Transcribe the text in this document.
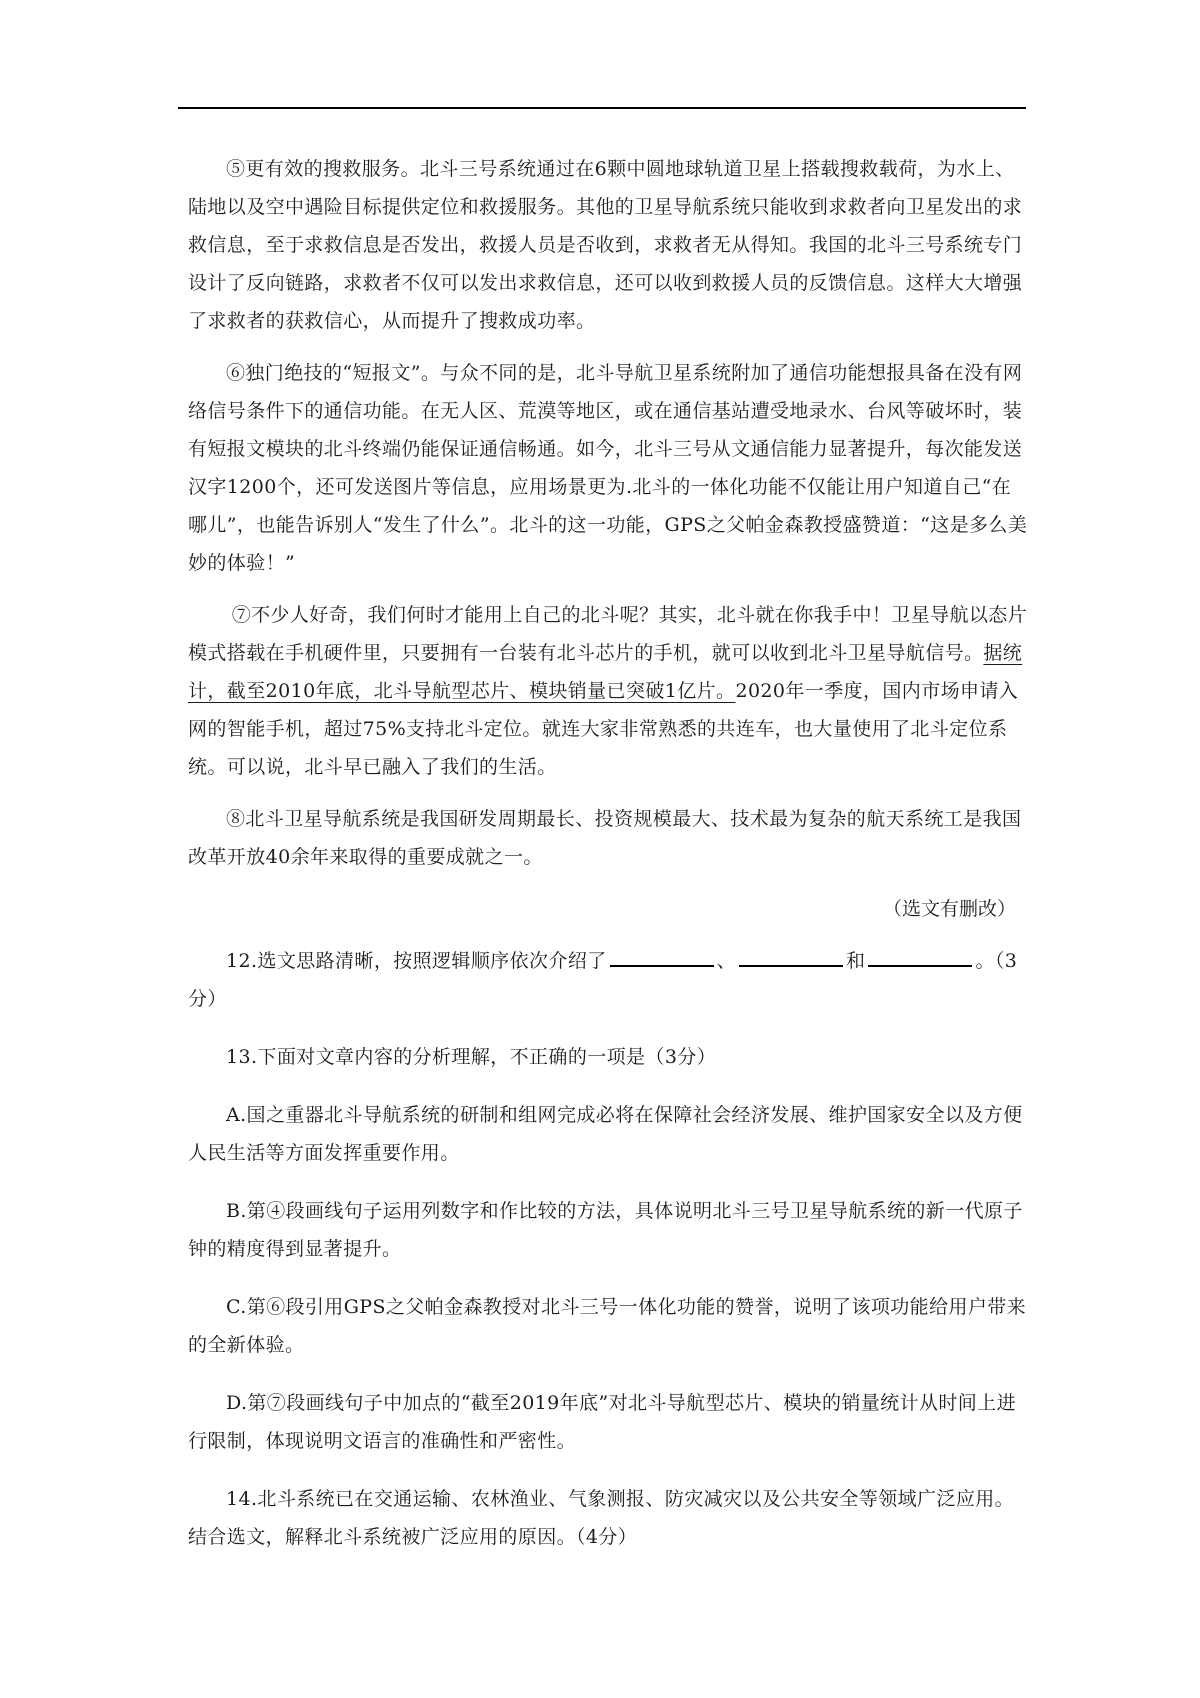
⑤更有效的搜救服务。北斗三号系统通过在6颗中圆地球轨道卫星上搭载搜救载荷，为水上、陆地以及空中遇险目标提供定位和救援服务。其他的卫星导航系统只能收到求救者向卫星发出的求救信息，至于求救信息是否发出，救援人员是否收到，求救者无从得知。我国的北斗三号系统专门设计了反向链路，求救者不仅可以发出求救信息，还可以收到救援人员的反馈信息。这样大大增强了求救者的获救信心，从而提升了搜救成功率。

⑥独门绝技的“短报文”。与众不同的是，北斗导航卫星系统附加了通信功能想报具备在没有网络信号条件下的通信功能。在无人区、荒漠等地区，或在通信基站遭受地录水、台风等破坏时，装有短报文模块的北斗终端仍能保证通信畅通。如今，北斗三号从文通信能力显著提升，每次能发送汉字1200个，还可发送图片等信息，应用场景更为.北斗的一体化功能不仅能让用户知道自己“在哪儿”，也能告诉别人“发生了什么”。北斗的这一功能，GPS之父帕金森教授盛赞道：“这是多么美妙的体验！”

⑦不少人好奇，我们何时才能用上自己的北斗呢？其实，北斗就在你我手中！卫星导航以态片模式搭载在手机硬件里，只要拥有一台装有北斗芯片的手机，就可以收到北斗卫星导航信号。据统计，截至2010年底，北斗导航型芯片、模块销量已突破1亿片。2020年一季度，国内市场申请入网的智能手机，超过75%支持北斗定位。就连大家非常熟悉的共连车，也大量使用了北斗定位系统。可以说，北斗早已融入了我们的生活。

⑧北斗卫星导航系统是我国研发周期最长、投资规模最大、技术最为复杂的航天系统工是我国改革开放40余年来取得的重要成就之一。

（选文有删改）

12.选文思路清晰，按照逻辑顺序依次介绍了	、	和	。（3分）

13.下面对文章内容的分析理解，不正确的一项是（3分）

A.国之重器北斗导航系统的研制和组网完成必将在保障社会经济发展、维护国家安全以及方便人民生活等方面发挥重要作用。

B.第④段画线句子运用列数字和作比较的方法，具体说明北斗三号卫星导航系统的新一代原子钟的精度得到显著提升。

C.第⑥段引用GPS之父帕金森教授对北斗三号一体化功能的赞誉，说明了该项功能给用户带来的全新体验。

D.第⑦段画线句子中加点的“截至2019年底”对北斗导航型芯片、模块的销量统计从时间上进行限制，体现说明文语言的准确性和严密性。

14.北斗系统已在交通运输、农林渔业、气象测报、防灾减灾以及公共安全等领域广泛应用。结合选文，解释北斗系统被广泛应用的原因。（4分）
